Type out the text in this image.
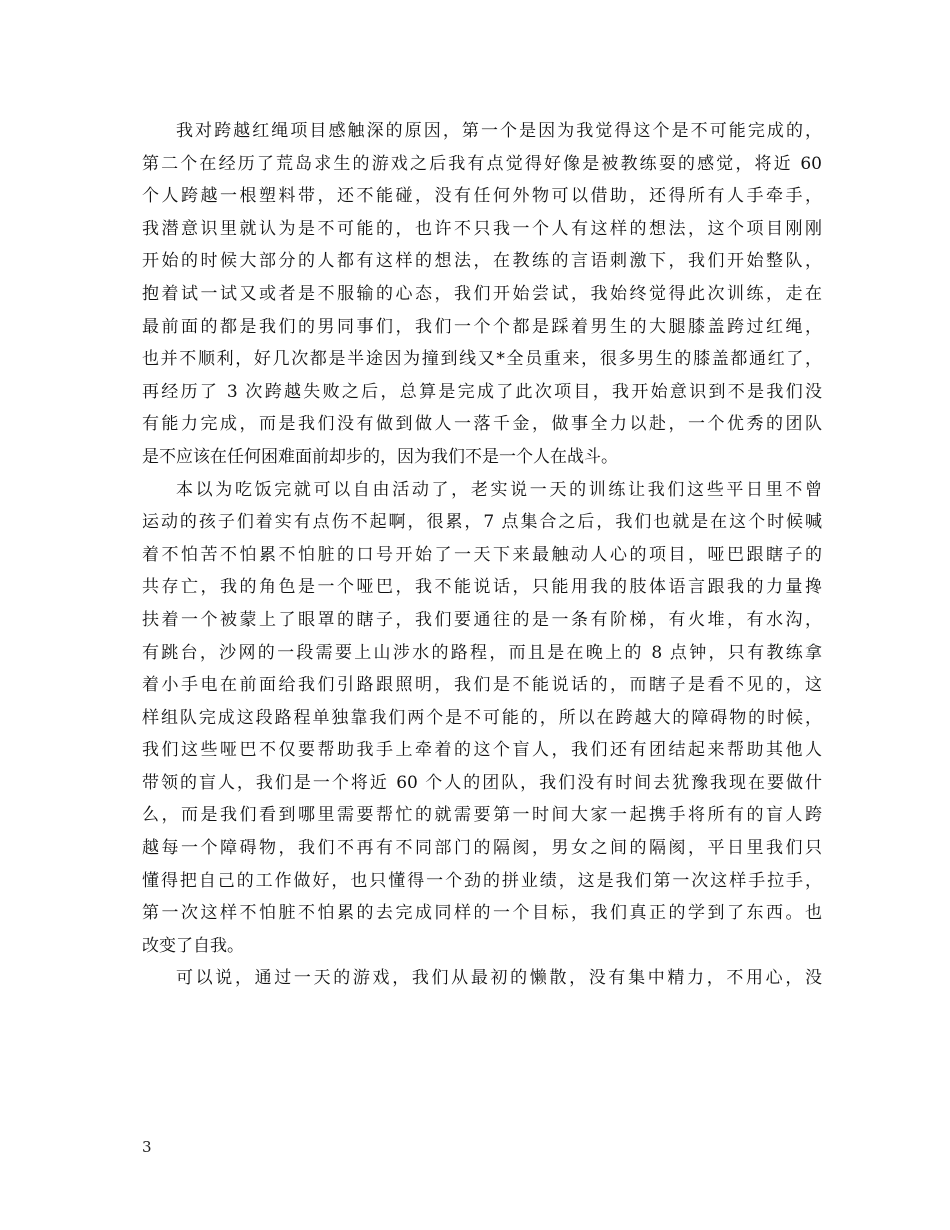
我对跨越红绳项目感触深的原因，第一个是因为我觉得这个是不可能完成的，
第二个在经历了荒岛求生的游戏之后我有点觉得好像是被教练耍的感觉，将近 60
个人跨越一根塑料带，还不能碰，没有任何外物可以借助，还得所有人手牵手，
我潜意识里就认为是不可能的，也许不只我一个人有这样的想法，这个项目刚刚
开始的时候大部分的人都有这样的想法，在教练的言语刺激下，我们开始整队，
抱着试一试又或者是不服输的心态，我们开始尝试，我始终觉得此次训练，走在
最前面的都是我们的男同事们，我们一个个都是踩着男生的大腿膝盖跨过红绳，
也并不顺利，好几次都是半途因为撞到线又*全员重来，很多男生的膝盖都通红了，
再经历了 3 次跨越失败之后，总算是完成了此次项目，我开始意识到不是我们没
有能力完成，而是我们没有做到做人一落千金，做事全力以赴，一个优秀的团队
是不应该在任何困难面前却步的，因为我们不是一个人在战斗。
本以为吃饭完就可以自由活动了，老实说一天的训练让我们这些平日里不曾
运动的孩子们着实有点伤不起啊，很累，7 点集合之后，我们也就是在这个时候喊
着不怕苦不怕累不怕脏的口号开始了一天下来最触动人心的项目，哑巴跟瞎子的
共存亡，我的角色是一个哑巴，我不能说话，只能用我的肢体语言跟我的力量搀
扶着一个被蒙上了眼罩的瞎子，我们要通往的是一条有阶梯，有火堆，有水沟，
有跳台，沙网的一段需要上山涉水的路程，而且是在晚上的 8 点钟，只有教练拿
着小手电在前面给我们引路跟照明，我们是不能说话的，而瞎子是看不见的，这
样组队完成这段路程单独靠我们两个是不可能的，所以在跨越大的障碍物的时候，
我们这些哑巴不仅要帮助我手上牵着的这个盲人，我们还有团结起来帮助其他人
带领的盲人，我们是一个将近 60 个人的团队，我们没有时间去犹豫我现在要做什
么，而是我们看到哪里需要帮忙的就需要第一时间大家一起携手将所有的盲人跨
越每一个障碍物，我们不再有不同部门的隔阂，男女之间的隔阂，平日里我们只
懂得把自己的工作做好，也只懂得一个劲的拼业绩，这是我们第一次这样手拉手，
第一次这样不怕脏不怕累的去完成同样的一个目标，我们真正的学到了东西。也
改变了自我。
可以说，通过一天的游戏，我们从最初的懒散，没有集中精力，不用心，没
3
